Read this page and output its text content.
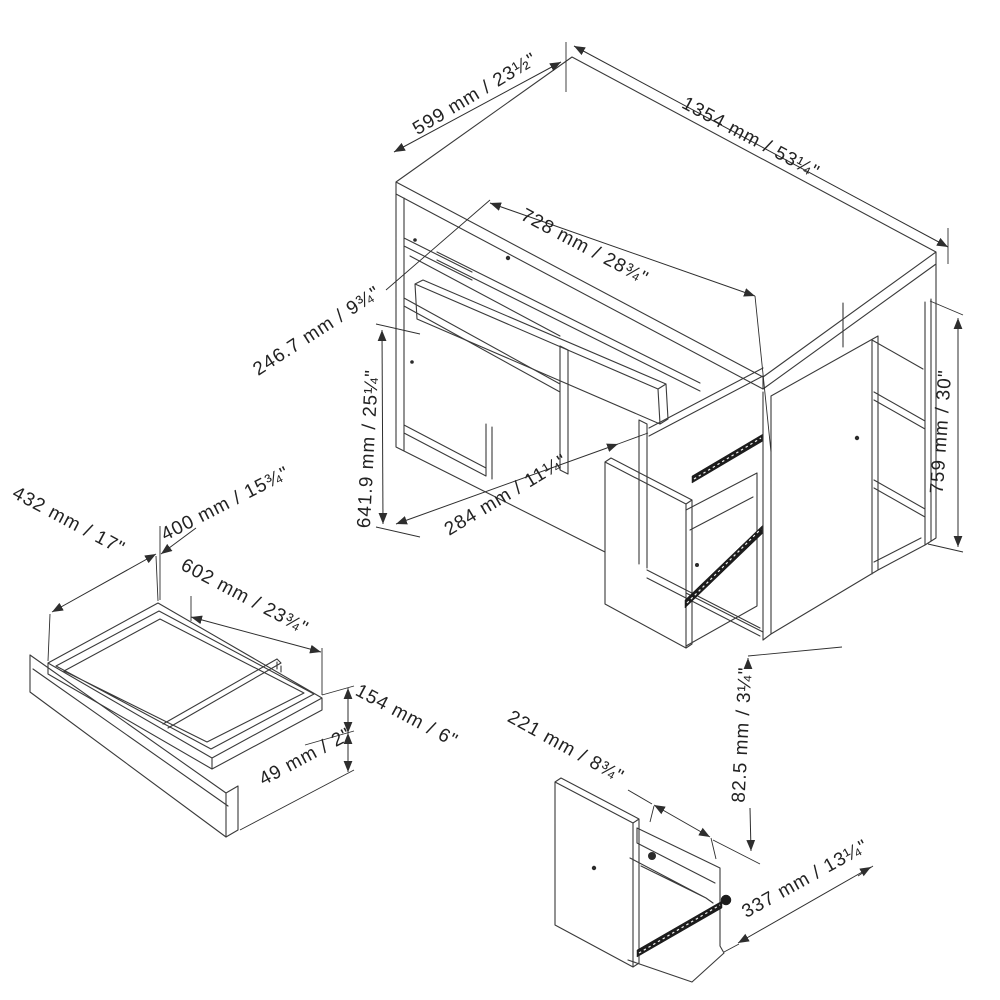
599 mm / 23½"	1354 mm / 53¼"
728 mm / 28¾"
246.7 mm / 9¾"
641.9 mm / 25¼"	284 mm / 11¼"
759 mm / 30"
432 mm / 17" 400 mm / 15¾"
602 mm / 23¾"
154 mm / 6"
49 mm / 2"	221 mm / 8¾"	82.5 mm / 3¼"
337 mm / 13¼"
